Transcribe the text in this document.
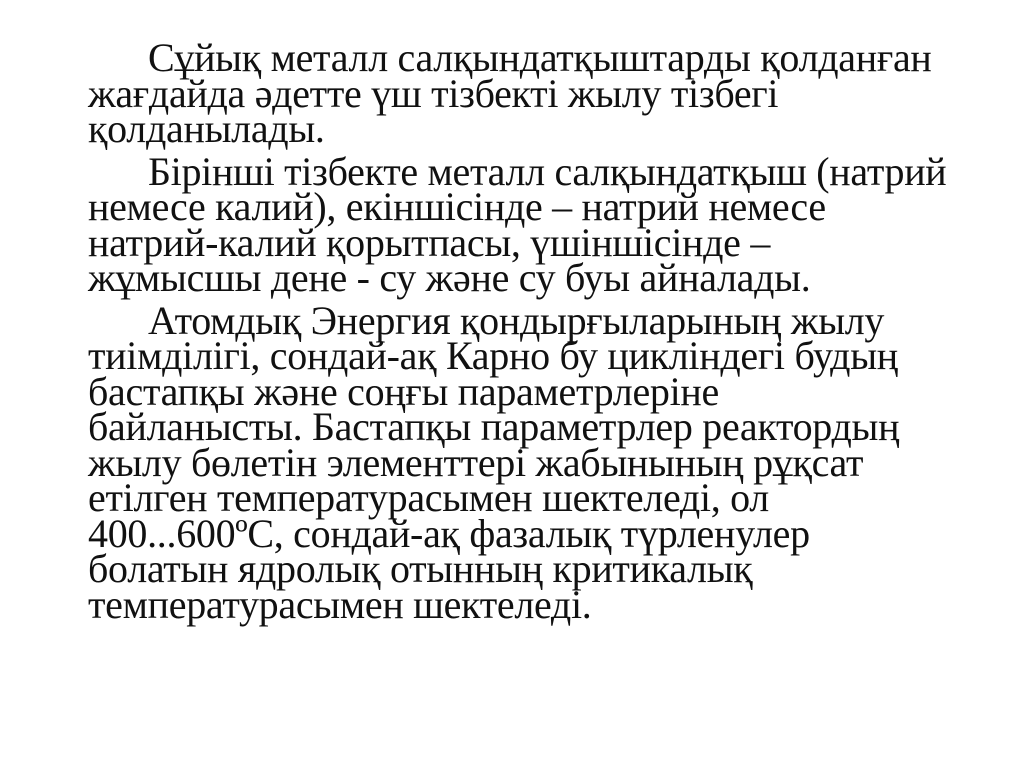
Сұйық металл салқындатқыштарды қолданған
жағдайда әдетте үш тізбекті жылу тізбегі
қолданылады.
Бірінші тізбекте металл салқындатқыш (натрий
немесе калий), екіншісінде – натрий немесе
натрий-калий қорытпасы, үшіншісінде –
жұмысшы дене - су және су буы айналады.
Атомдық Энергия қондырғыларының жылу
тиімділігі, сондай-ақ Карно бу цикліндегі будың
бастапқы және соңғы параметрлеріне
байланысты. Бастапқы параметрлер реактордың
жылу бөлетін элементтері жабынының рұқсат
етілген температурасымен шектеледі, ол
400...600ºС, сондай-ақ фазалық түрленулер
болатын ядролық отынның критикалық
температурасымен шектеледі.
